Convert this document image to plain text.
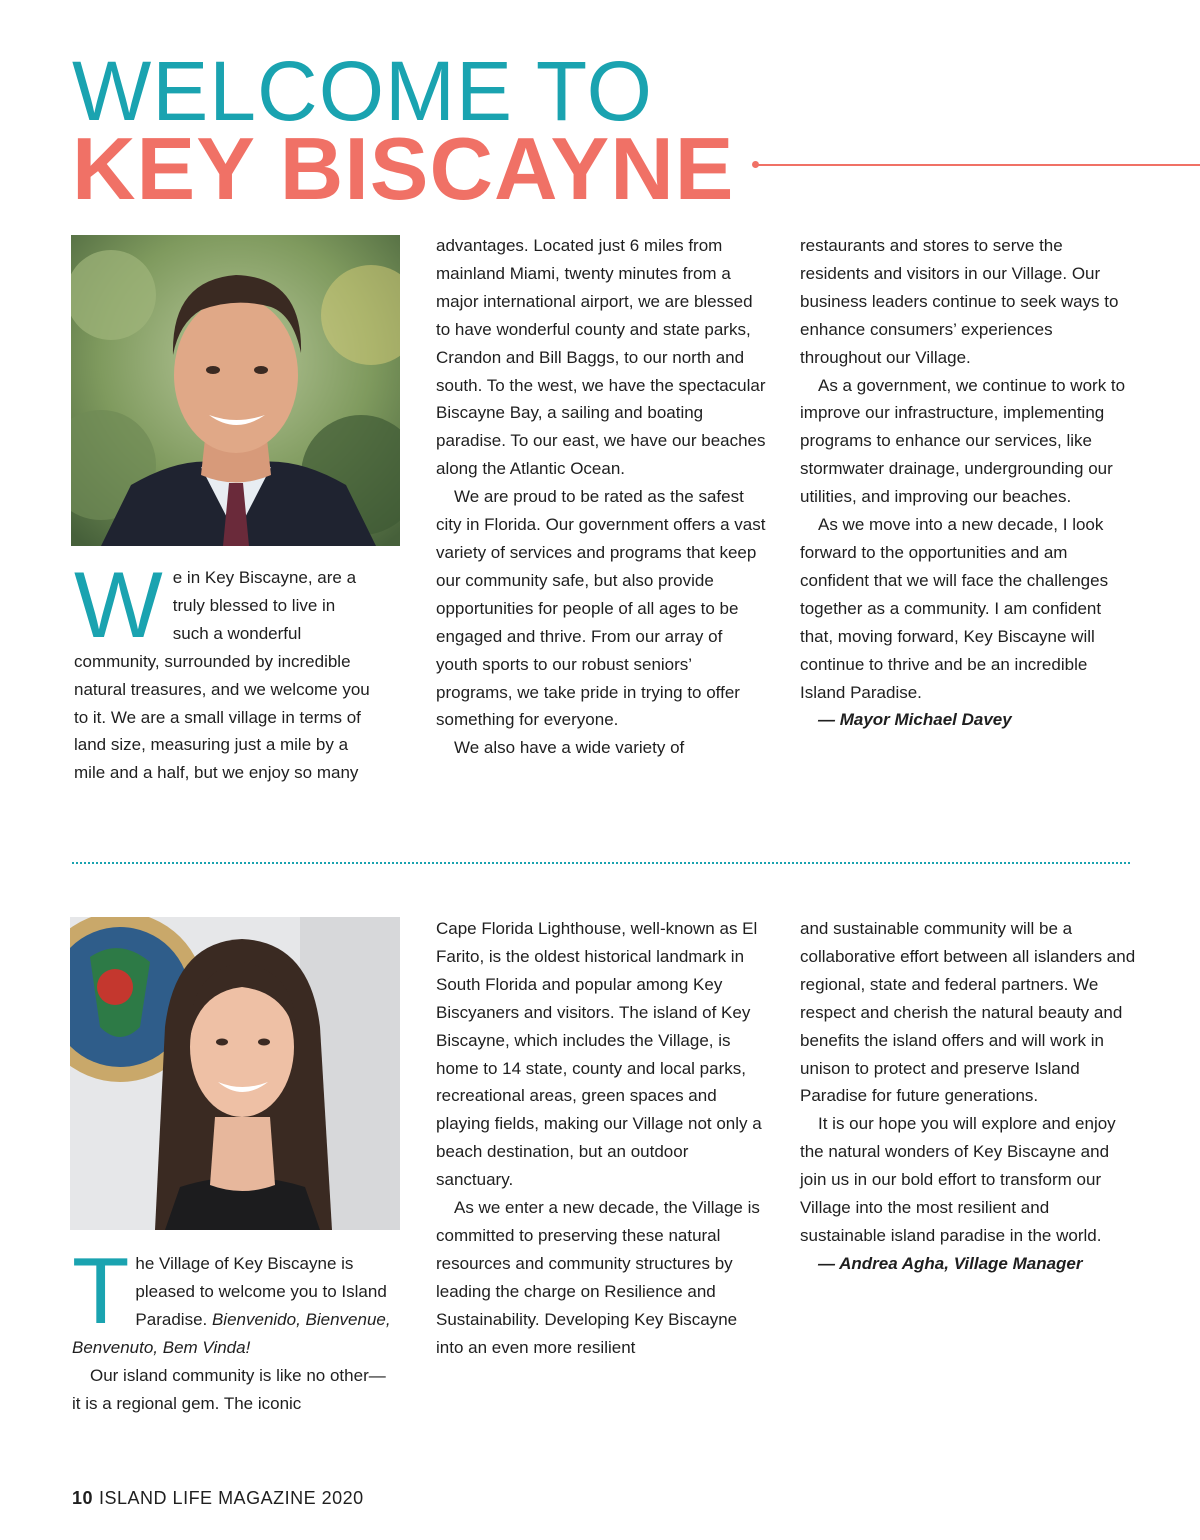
WELCOME TO
KEY BISCAYNE
W e in Key Biscayne, are a truly blessed to live in such a wonderful community, surrounded by incredible natural treasures, and we welcome you to it. We are a small village in terms of land size, measuring just a mile by a mile and a half, but we enjoy so many

advantages. Located just 6 miles from mainland Miami, twenty minutes from a major international airport, we are blessed to have wonderful county and state parks, Crandon and Bill Baggs, to our north and south. To the west, we have the spectacular Biscayne Bay, a sailing and boating paradise. To our east, we have our beaches along the Atlantic Ocean.

We are proud to be rated as the safest city in Florida. Our government offers a vast variety of services and programs that keep our community safe, but also provide opportunities for people of all ages to be engaged and thrive. From our array of youth sports to our robust seniors’ programs, we take pride in trying to offer something for everyone.

We also have a wide variety of

restaurants and stores to serve the residents and visitors in our Village. Our business leaders continue to seek ways to enhance consumers’ experiences throughout our Village.

As a government, we continue to work to improve our infrastructure, implementing programs to enhance our services, like stormwater drainage, undergrounding our utilities, and improving our beaches.

As we move into a new decade, I look forward to the opportunities and am confident that we will face the challenges together as a community. I am confident that, moving forward, Key Biscayne will continue to thrive and be an incredible Island Paradise.

— Mayor Michael Davey

T he Village of Key Biscayne is pleased to welcome you to Island Paradise. Bienvenido, Bienvenue, Benvenuto, Bem Vinda!

Our island community is like no other—it is a regional gem. The iconic

Cape Florida Lighthouse, well-known as El Farito, is the oldest historical landmark in South Florida and popular among Key Biscyaners and visitors. The island of Key Biscayne, which includes the Village, is home to 14 state, county and local parks, recreational areas, green spaces and playing fields, making our Village not only a beach destination, but an outdoor sanctuary.

As we enter a new decade, the Village is committed to preserving these natural resources and community structures by leading the charge on Resilience and Sustainability. Developing Key Biscayne into an even more resilient

and sustainable community will be a collaborative effort between all islanders and regional, state and federal partners. We respect and cherish the natural beauty and benefits the island offers and will work in unison to protect and preserve Island Paradise for future generations.

It is our hope you will explore and enjoy the natural wonders of Key Biscayne and join us in our bold effort to transform our Village into the most resilient and sustainable island paradise in the world.

— Andrea Agha, Village Manager

10 ISLAND LIFE MAGAZINE 2020
